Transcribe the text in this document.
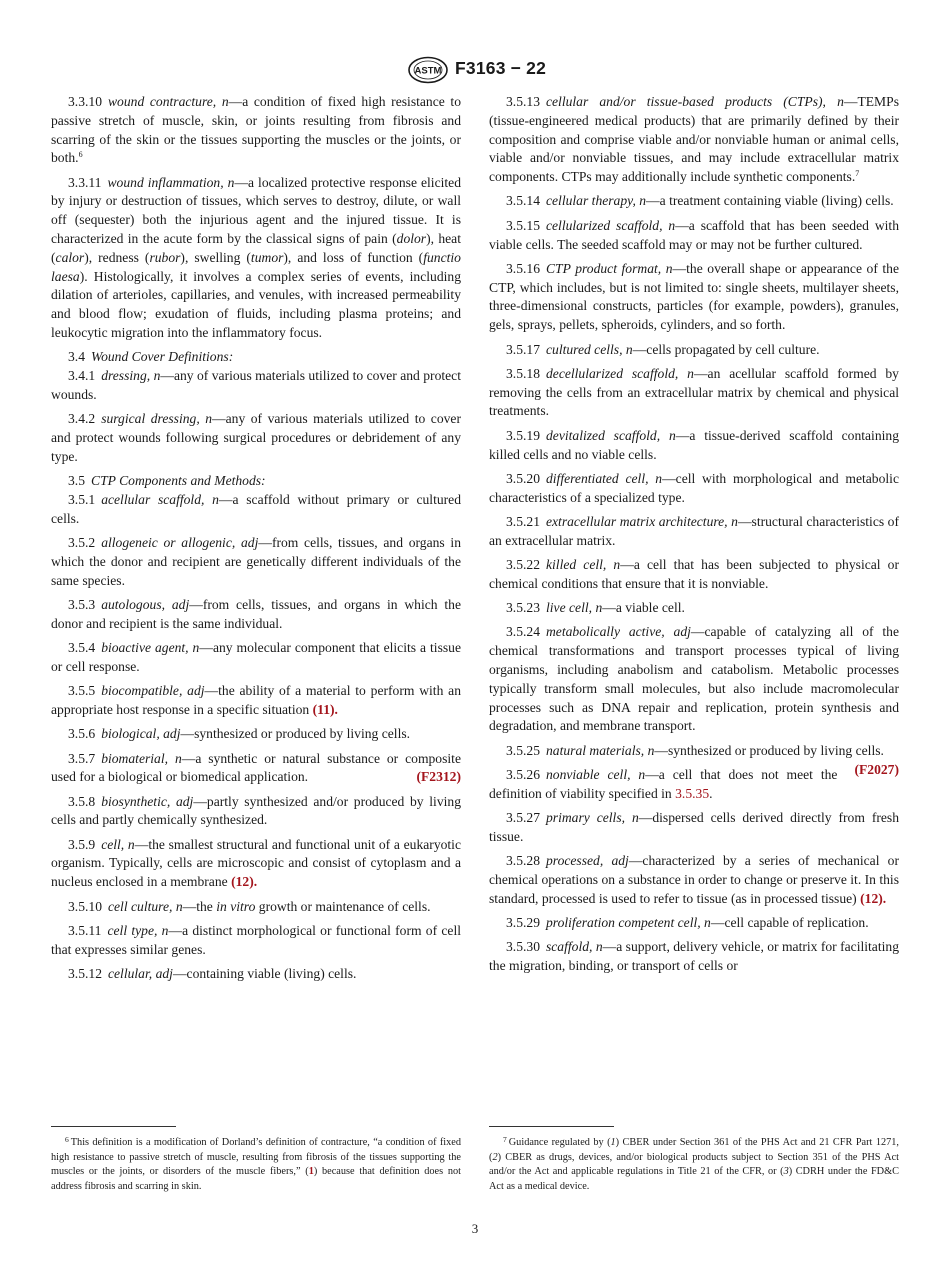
ASTM F3163 − 22

3.3.10 wound contracture, n—a condition of fixed high resistance to passive stretch of muscle, skin, or joints resulting from fibrosis and scarring of the skin or the tissues supporting the muscles or the joints, or both.$^6$

3.3.11 wound inflammation, n—a localized protective response elicited by injury or destruction of tissues, which serves to destroy, dilute, or wall off (sequester) both the injurious agent and the injured tissue. It is characterized in the acute form by the classical signs of pain (dolor), heat (calor), redness (rubor), swelling (tumor), and loss of function (functio laesa). Histologically, it involves a complex series of events, including dilation of arterioles, capillaries, and venules, with increased permeability and blood flow; exudation of fluids, including plasma proteins; and leukocytic migration into the inflammatory focus.

3.4 Wound Cover Definitions:

3.4.1 dressing, n—any of various materials utilized to cover and protect wounds.

3.4.2 surgical dressing, n—any of various materials utilized to cover and protect wounds following surgical procedures or debridement of any type.

3.5 CTP Components and Methods:

3.5.1 acellular scaffold, n—a scaffold without primary or cultured cells.

3.5.2 allogeneic or allogenic, adj—from cells, tissues, and organs in which the donor and recipient are genetically different individuals of the same species.

3.5.3 autologous, adj—from cells, tissues, and organs in which the donor and recipient is the same individual.

3.5.4 bioactive agent, n—any molecular component that elicits a tissue or cell response.

3.5.5 biocompatible, adj—the ability of a material to perform with an appropriate host response in a specific situation (11).

3.5.6 biological, adj—synthesized or produced by living cells.

3.5.7 biomaterial, n—a synthetic or natural substance or composite used for a biological or biomedical application.	(F2312)

3.5.8 biosynthetic, adj—partly synthesized and/or produced by living cells and partly chemically synthesized.

3.5.9 cell, n—the smallest structural and functional unit of a eukaryotic organism. Typically, cells are microscopic and consist of cytoplasm and a nucleus enclosed in a membrane (12).

3.5.10 cell culture, n—the in vitro growth or maintenance of cells.

3.5.11 cell type, n—a distinct morphological or functional form of cell that expresses similar genes.

3.5.12 cellular, adj—containing viable (living) cells.

3.5.13 cellular and/or tissue-based products (CTPs), n—TEMPs (tissue-engineered medical products) that are primarily defined by their composition and comprise viable and/or nonviable human or animal cells, viable and/or nonviable tissues, and may include extracellular matrix components. CTPs may additionally include synthetic components.$^7$

3.5.14 cellular therapy, n—a treatment containing viable (living) cells.

3.5.15 cellularized scaffold, n—a scaffold that has been seeded with viable cells. The seeded scaffold may or may not be further cultured.

3.5.16 CTP product format, n—the overall shape or appearance of the CTP, which includes, but is not limited to: single sheets, multilayer sheets, three-dimensional constructs, particles (for example, powders), granules, gels, sprays, pellets, spheroids, cylinders, and so forth.

3.5.17 cultured cells, n—cells propagated by cell culture.

3.5.18 decellularized scaffold, n—an acellular scaffold formed by removing the cells from an extracellular matrix by chemical and physical treatments.

3.5.19 devitalized scaffold, n—a tissue-derived scaffold containing killed cells and no viable cells.

3.5.20 differentiated cell, n—cell with morphological and metabolic characteristics of a specialized type.

3.5.21 extracellular matrix architecture, n—structural characteristics of an extracellular matrix.

3.5.22 killed cell, n—a cell that has been subjected to physical or chemical conditions that ensure that it is nonviable.

3.5.23 live cell, n—a viable cell.

3.5.24 metabolically active, adj—capable of catalyzing all of the chemical transformations and transport processes typical of living organisms, including anabolism and catabolism. Metabolic processes typically transform small molecules, but also include macromolecular processes such as DNA repair and replication, protein synthesis and degradation, and membrane transport.

3.5.25 natural materials, n—synthesized or produced by living cells.
(F2027)

3.5.26 nonviable cell, n—a cell that does not meet the definition of viability specified in 3.5.35.

3.5.27 primary cells, n—dispersed cells derived directly from fresh tissue.

3.5.28 processed, adj—characterized by a series of mechanical or chemical operations on a substance in order to change or preserve it. In this standard, processed is used to refer to tissue (as in processed tissue) (12).

3.5.29 proliferation competent cell, n—cell capable of replication.

3.5.30 scaffold, n—a support, delivery vehicle, or matrix for facilitating the migration, binding, or transport of cells or

$^6$ This definition is a modification of Dorland’s definition of contracture, “a condition of fixed high resistance to passive stretch of muscle, resulting from fibrosis of the tissues supporting the muscles or the joints, or disorders of the muscle fibers,” (1) because that definition does not address fibrosis and scarring in skin.
$^7$ Guidance regulated by (1) CBER under Section 361 of the PHS Act and 21 CFR Part 1271, (2) CBER as drugs, devices, and/or biological products subject to Section 351 of the PHS Act and/or the Act and applicable regulations in Title 21 of the CFR, or (3) CDRH under the FD&C Act as a medical device.
3
